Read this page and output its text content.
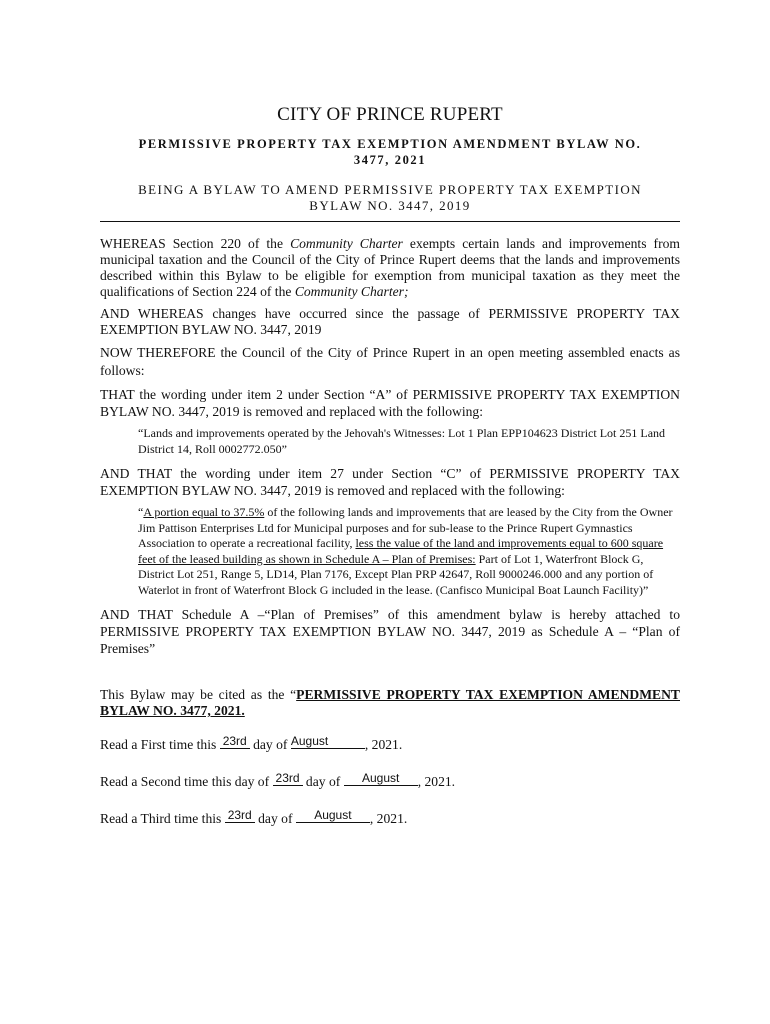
CITY OF PRINCE RUPERT
PERMISSIVE PROPERTY TAX EXEMPTION AMENDMENT BYLAW NO.
3477, 2021
BEING A BYLAW TO AMEND PERMISSIVE PROPERTY TAX EXEMPTION
BYLAW NO. 3447, 2019

WHEREAS Section 220 of the Community Charter exempts certain lands and improvements from municipal taxation and the Council of the City of Prince Rupert deems that the lands and improvements described within this Bylaw to be eligible for exemption from municipal taxation as they meet the qualifications of Section 224 of the Community Charter;

AND WHEREAS changes have occurred since the passage of PERMISSIVE PROPERTY TAX EXEMPTION BYLAW NO. 3447, 2019

NOW THEREFORE the Council of the City of Prince Rupert in an open meeting assembled enacts as follows:

THAT the wording under item 2 under Section “A” of PERMISSIVE PROPERTY TAX EXEMPTION BYLAW NO. 3447, 2019 is removed and replaced with the following:

“Lands and improvements operated by the Jehovah's Witnesses: Lot 1 Plan EPP104623 District Lot 251 Land District 14, Roll 0002772.050”

AND THAT the wording under item 27 under Section “C” of PERMISSIVE PROPERTY TAX EXEMPTION BYLAW NO. 3447, 2019 is removed and replaced with the following:

“A portion equal to 37.5% of the following lands and improvements that are leased by the City from the Owner Jim Pattison Enterprises Ltd for Municipal purposes and for sub-lease to the Prince Rupert Gymnastics Association to operate a recreational facility, less the value of the land and improvements equal to 600 square feet of the leased building as shown in Schedule A – Plan of Premises: Part of Lot 1, Waterfront Block G, District Lot 251, Range 5, LD14, Plan 7176, Except Plan PRP 42647, Roll 9000246.000 and any portion of Waterlot in front of Waterfront Block G included in the lease. (Canfisco Municipal Boat Launch Facility)”

AND THAT Schedule A –“Plan of Premises” of this amendment bylaw is hereby attached to PERMISSIVE PROPERTY TAX EXEMPTION BYLAW NO. 3447, 2019 as Schedule A – “Plan of Premises”

This Bylaw may be cited as the “PERMISSIVE PROPERTY TAX EXEMPTION AMENDMENT BYLAW NO. 3477, 2021.

Read a First time this 23rd day of August	, 2021.

Read a Second time this day of 23rd day of August , 2021.

Read a Third time this 23rd day of August , 2021.
